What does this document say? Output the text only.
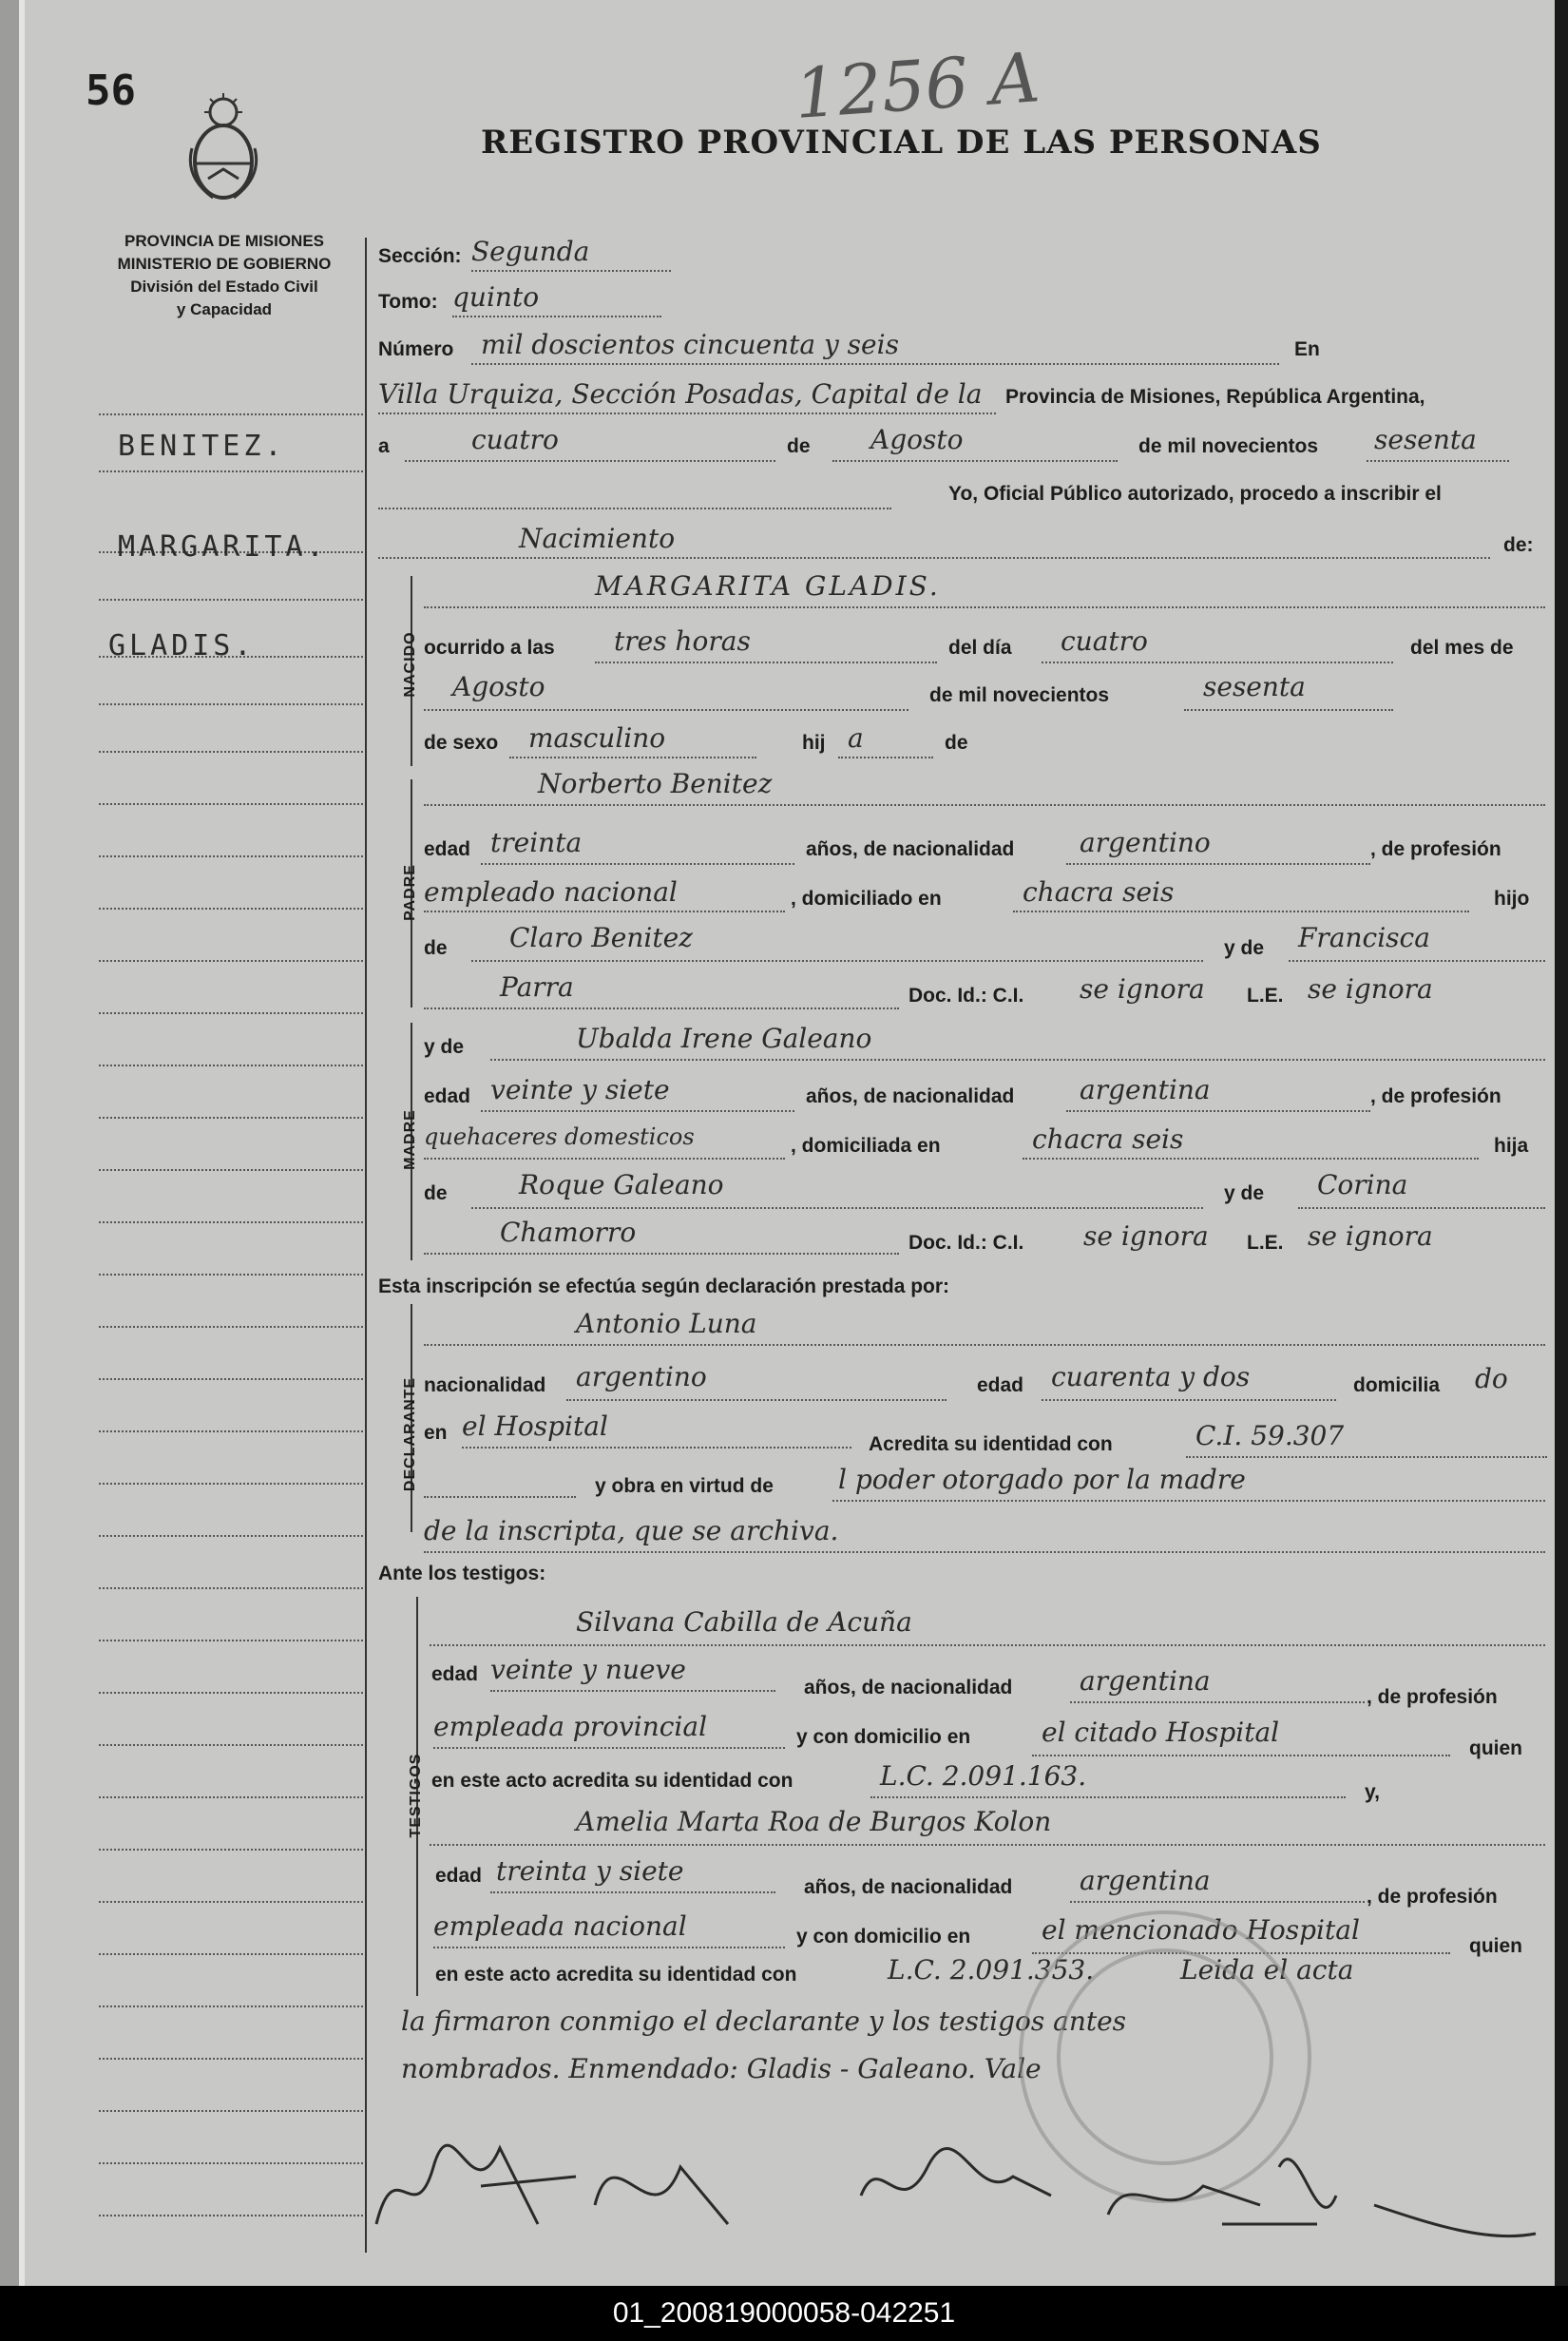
56	1256 A
REGISTRO PROVINCIAL DE LAS PERSONAS
PROVINCIA DE MISIONES
MINISTERIO DE GOBIERNO
División del Estado Civil
y Capacidad
BENITEZ.
MARGARITA.
GLADIS.
Sección: Segunda
Tomo: quinto
Número mil doscientos cincuenta y seis	En
Villa Urquiza, Sección Posadas, Capital de la Provincia de Misiones, República Argentina,
a	cuatro	de Agosto	de mil novecientos sesenta
Yo, Oficial Público autorizado, procedo a inscribir el
Nacimiento	de:
NACIDO
MARGARITA GLADIS.
ocurrido a las tres horas	del día cuatro	del mes de
Agosto	de mil novecientos	sesenta
de sexo masculino	hij a	de
PADRE
Norberto Benitez
edad treinta	años, de nacionalidad argentino	, de profesión
empleado nacional	, domiciliado en	chacra seis	hijo
de Claro Benitez	y de Francisca
Parra	Doc. Id.: C.I. se ignora L.E. se ignora
MADRE
y de	Ubalda Irene Galeano
edad veinte y siete	años, de nacionalidad argentina	, de profesión
quehaceres domesticos	, domiciliada en	chacra seis	hija
de	Roque Galeano	y de Corina
Chamorro	Doc. Id.: C.I. se ignora L.E. se ignora
Esta inscripción se efectúa según declaración prestada por:
DECLARANTE
Antonio Luna
nacionalidad argentino	edad cuarenta y dos	domicilia do
en el Hospital
Acredita su identidad con	C.I. 59.307
y obra en virtud de l poder otorgado por la madre
de la inscripta, que se archiva.
Ante los testigos:
TESTIGOS
Silvana Cabilla de Acuña
edad veinte y nueve
años, de nacionalidad	argentina
, de profesión
empleada provincial	y con domicilio en	el citado Hospital
quien
en este acto acredita su identidad con	L.C. 2.091.163.
y,
Amelia Marta Roa de Burgos Kolon
edad treinta y siete
años, de nacionalidad	argentina
, de profesión
empleada nacional	y con domicilio en	el mencionado Hospital
quien
en este acto acredita su identidad con	L.C. 2.091.353.	Leida el acta
la firmaron conmigo el declarante y los testigos antes
nombrados. Enmendado: Gladis - Galeano. Vale
01_200819000058-042251
